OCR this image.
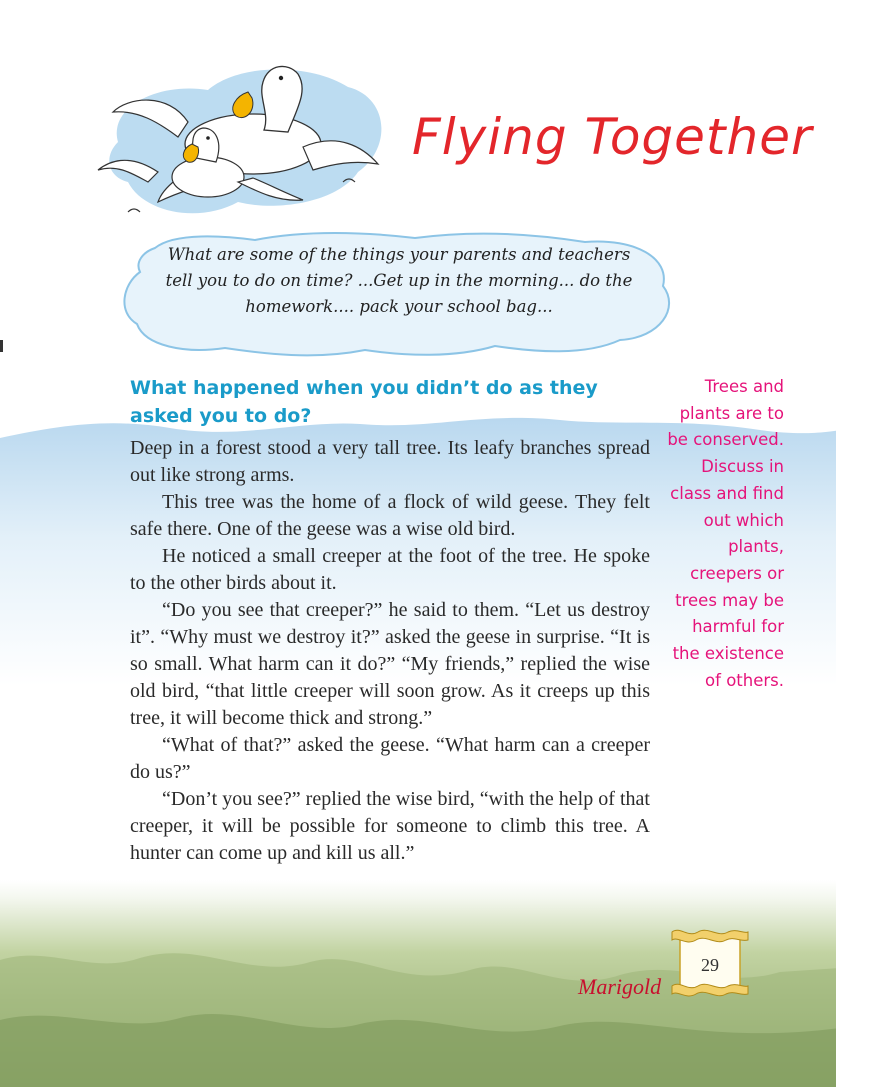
Flying Together
What are some of the things your parents and teachers tell you to do on time? ...Get up in the morning... do the homework.... pack your school bag...
What happened when you didn’t do as they asked you to do?

Deep in a forest stood a very tall tree. Its leafy branches spread out like strong arms.

This tree was the home of a flock of wild geese. They felt safe there. One of the geese was a wise old bird.

He noticed a small creeper at the foot of the tree. He spoke to the other birds about it.

“Do you see that creeper?” he said to them. “Let us destroy it”. “Why must we destroy it?” asked the geese in surprise. “It is so small. What harm can it do?” “My friends,” replied the wise old bird, “that little creeper will soon grow. As it creeps up this tree, it will become thick and strong.”

“What of that?” asked the geese. “What harm can a creeper do us?”

“Don’t you see?” replied the wise bird, “with the help of that creeper, it will be possible for someone to climb this tree. A hunter can come up and kill us all.”

Trees and plants are to be conserved. Discuss in class and find out which plants, creepers or trees may be harmful for the existence of others.
29
Marigold
